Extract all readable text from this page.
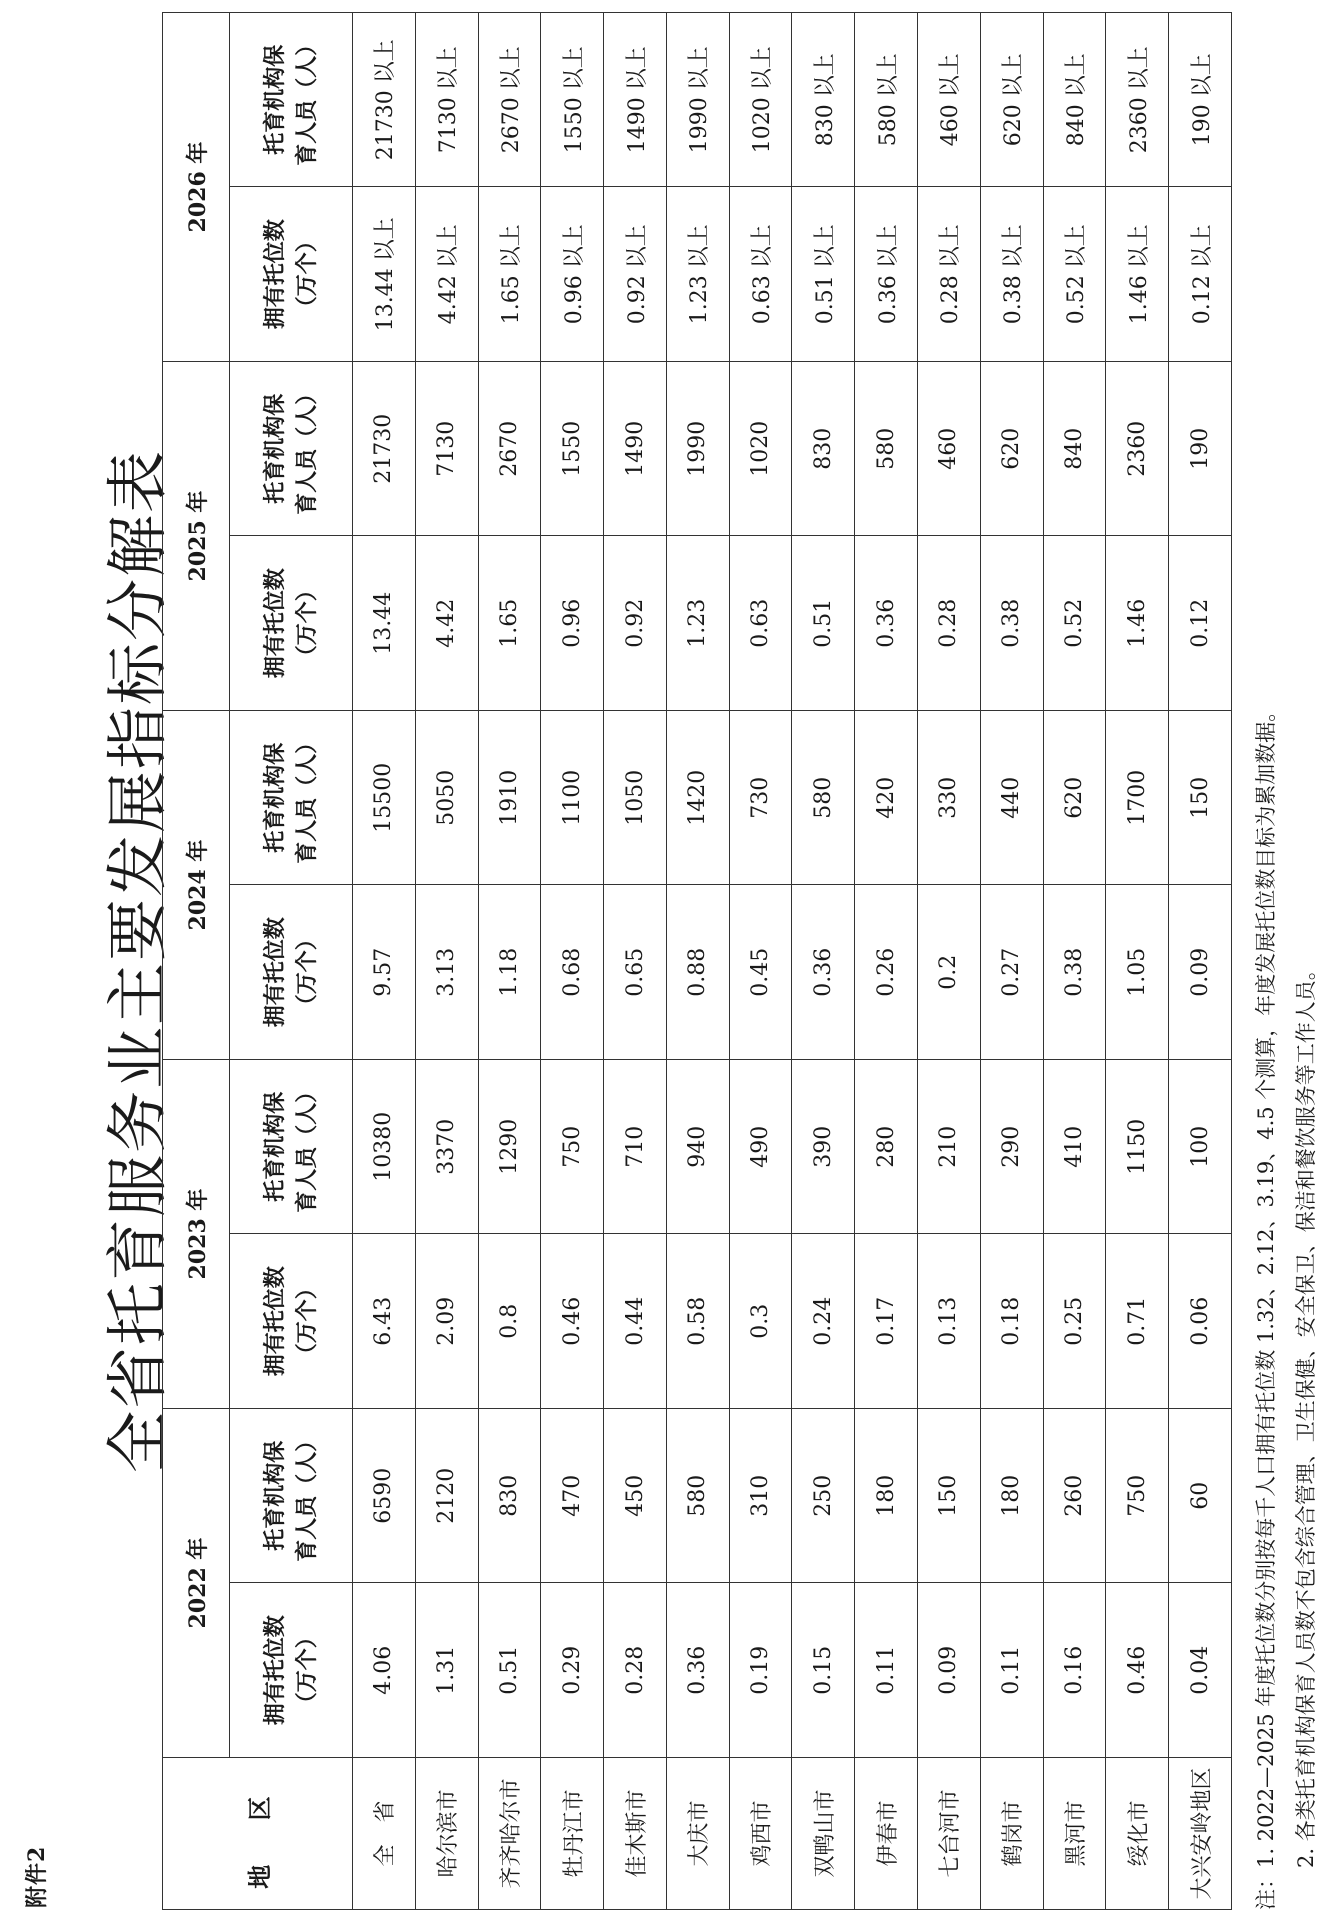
附件2
全省托育服务业主要发展指标分解表
地 区	2022 年		2023 年		2024 年		2025 年		2026 年	

	拥有托位数 （万个）	托育机构保 育人员（人）	拥有托位数 （万个）	托育机构保 育人员（人）	拥有托位数 （万个）	托育机构保 育人员（人）	拥有托位数 （万个）	托育机构保 育人员（人）	拥有托位数 （万个）	托育机构保 育人员（人）

全　省	4.06	6590	6.43	10380	9.57	15500	13.44	21730	13.44 以上	21730 以上
哈尔滨市	1.31	2120	2.09	3370	3.13	5050	4.42	7130	4.42 以上	7130 以上
齐齐哈尔市	0.51	830	0.8	1290	1.18	1910	1.65	2670	1.65 以上	2670 以上
牡丹江市	0.29	470	0.46	750	0.68	1100	0.96	1550	0.96 以上	1550 以上
佳木斯市	0.28	450	0.44	710	0.65	1050	0.92	1490	0.92 以上	1490 以上
大庆市	0.36	580	0.58	940	0.88	1420	1.23	1990	1.23 以上	1990 以上
鸡西市	0.19	310	0.3	490	0.45	730	0.63	1020	0.63 以上	1020 以上
双鸭山市	0.15	250	0.24	390	0.36	580	0.51	830	0.51 以上	830 以上
伊春市	0.11	180	0.17	280	0.26	420	0.36	580	0.36 以上	580 以上
七台河市	0.09	150	0.13	210	0.2	330	0.28	460	0.28 以上	460 以上
鹤岗市	0.11	180	0.18	290	0.27	440	0.38	620	0.38 以上	620 以上
黑河市	0.16	260	0.25	410	0.38	620	0.52	840	0.52 以上	840 以上
绥化市	0.46	750	0.71	1150	1.05	1700	1.46	2360	1.46 以上	2360 以上
大兴安岭地区	0.04	60	0.06	100	0.09	150	0.12	190	0.12 以上	190 以上
注：1. 2022—2025 年度托位数分别按每千人口拥有托位数 1.32、2.12、3.19、4.5 个测算，年度发展托位数目标为累加数据。 　　2. 各类托育机构保育人员数不包含综合管理、卫生保健、安全保卫、保洁和餐饮服务等工作人员。
